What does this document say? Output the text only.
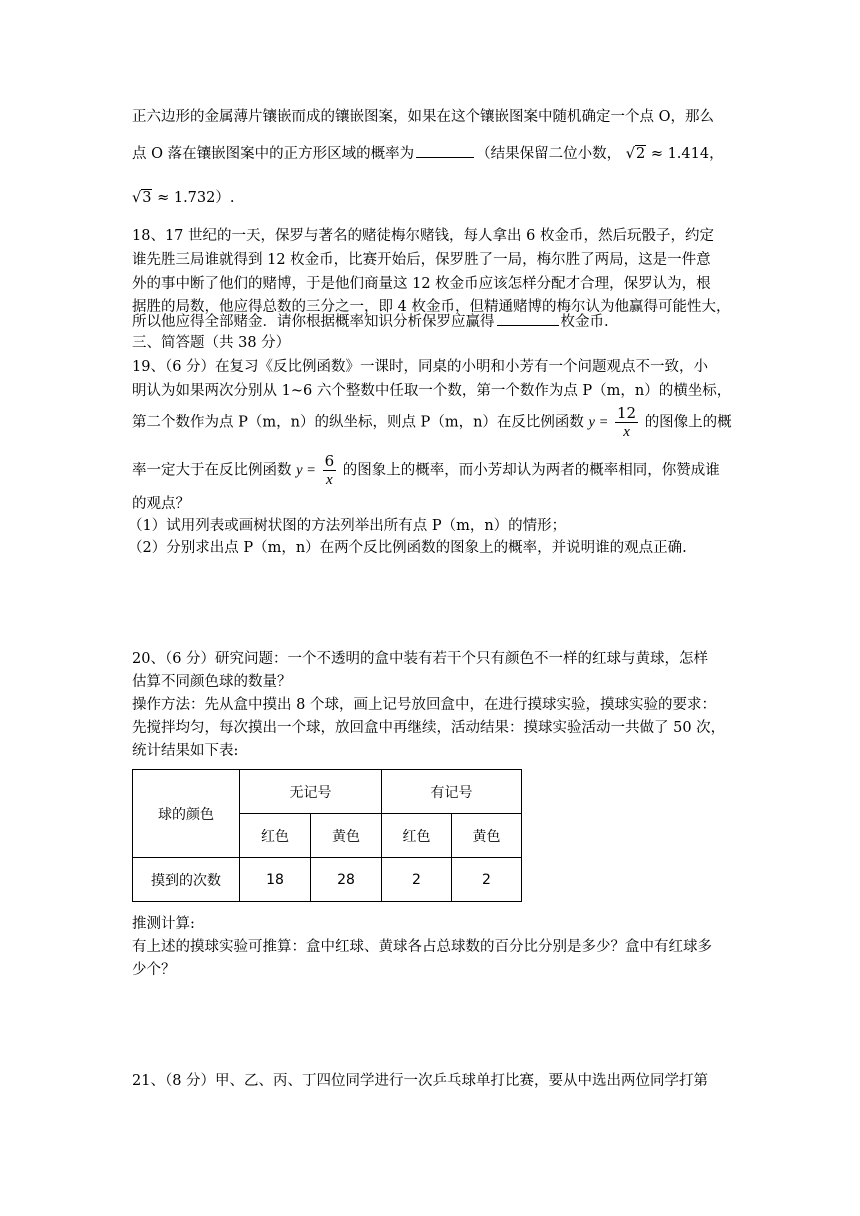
正六边形的金属薄片镶嵌而成的镶嵌图案，如果在这个镶嵌图案中随机确定一个点 O，那么
点 O 落在镶嵌图案中的正方形区域的概率为	（结果保留二位小数， √2 ≈ 1.414，
√3 ≈ 1.732）.
18、17 世纪的一天，保罗与著名的赌徒梅尔赌钱，每人拿出 6 枚金币，然后玩骰子，约定
谁先胜三局谁就得到 12 枚金币，比赛开始后，保罗胜了一局，梅尔胜了两局，这是一件意
外的事中断了他们的赌博，于是他们商量这 12 枚金币应该怎样分配才合理，保罗认为，根
据胜的局数，他应得总数的三分之一，即 4 枚金币，但精通赌博的梅尔认为他赢得可能性大，
所以他应得全部赌金．请你根据概率知识分析保罗应赢得	枚金币.
三、简答题（共 38 分）
19、（6 分）在复习《反比例函数》一课时，同桌的小明和小芳有一个问题观点不一致，小
明认为如果两次分别从 1~6 六个整数中任取一个数，第一个数作为点 P（m，n）的横坐标，
第二个数作为点 P（m，n）的纵坐标，则点 P（m，n）在反比例函数 $y = \frac{12}{x}$ 的图像上的概
率一定大于在反比例函数 $y = \frac{6}{x}$ 的图象上的概率，而小芳却认为两者的概率相同，你赞成谁
的观点？
（1）试用列表或画树状图的方法列举出所有点 P（m，n）的情形；
（2）分别求出点 P（m，n）在两个反比例函数的图象上的概率，并说明谁的观点正确.
20、（6 分）研究问题：一个不透明的盒中装有若干个只有颜色不一样的红球与黄球，怎样
估算不同颜色球的数量？
操作方法：先从盒中摸出 8 个球，画上记号放回盒中，在进行摸球实验，摸球实验的要求：
先搅拌均匀，每次摸出一个球，放回盒中再继续，活动结果：摸球实验活动一共做了 50 次，
统计结果如下表:
球的颜色	无记号		有记号	
	红色	黄色	红色	黄色
摸到的次数	18	28	2	2
推测计算:
有上述的摸球实验可推算：盒中红球、黄球各占总球数的百分比分别是多少？盒中有红球多
少个？
21、（8 分）甲、乙、丙、丁四位同学进行一次乒乓球单打比赛，要从中选出两位同学打第
